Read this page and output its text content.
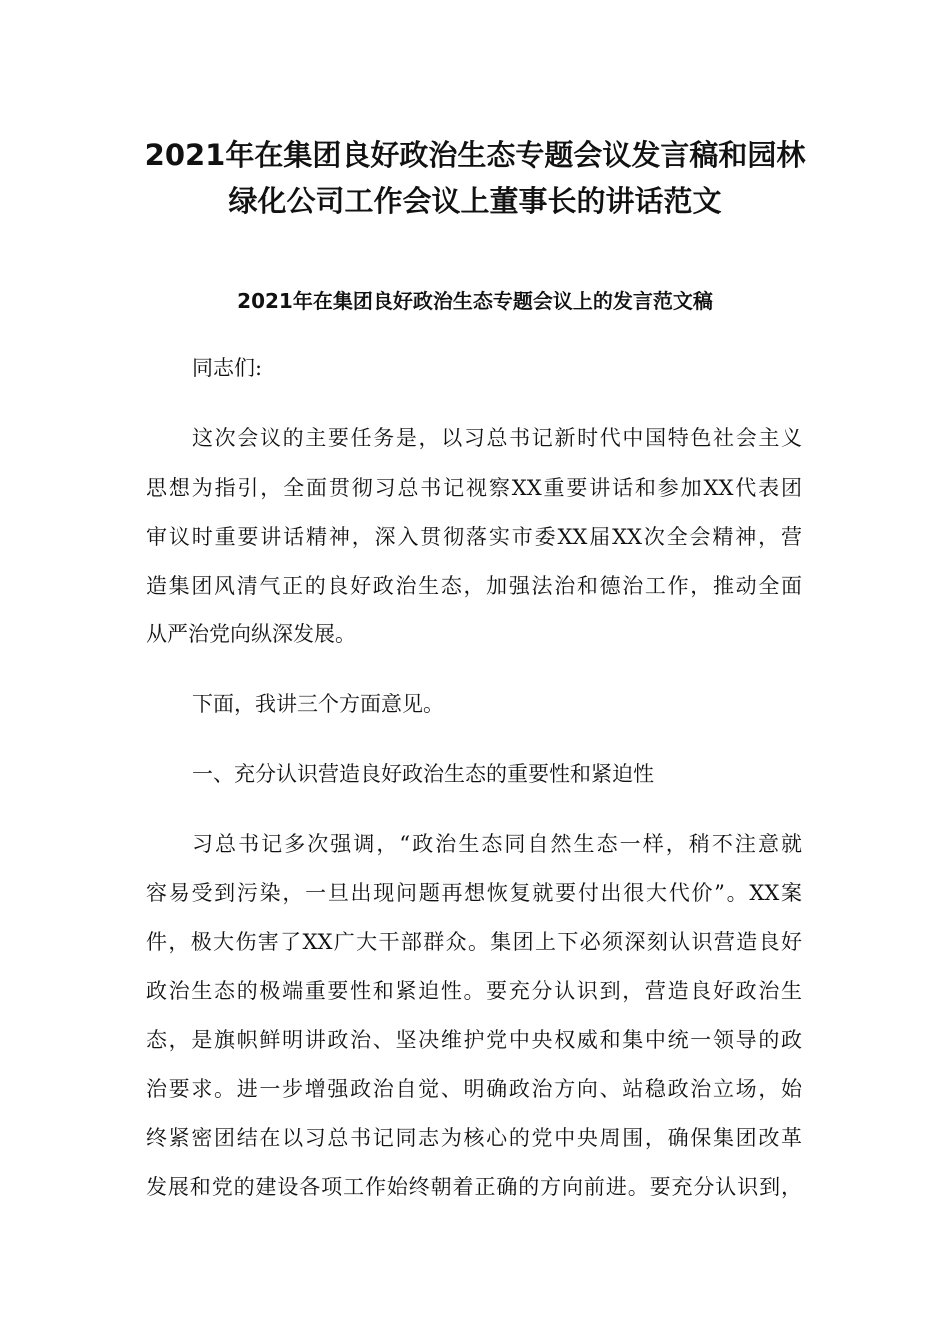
2021年在集团良好政治生态专题会议发言稿和园林
绿化公司工作会议上董事长的讲话范文
2021年在集团良好政治生态专题会议上的发言范文稿

同志们:

这次会议的主要任务是，以习总书记新时代中国特色社会主义

思想为指引，全面贯彻习总书记视察XX重要讲话和参加XX代表团

审议时重要讲话精神，深入贯彻落实市委XX届XX次全会精神，营

造集团风清气正的良好政治生态，加强法治和德治工作，推动全面

从严治党向纵深发展。

下面，我讲三个方面意见。

一、充分认识营造良好政治生态的重要性和紧迫性

习总书记多次强调，“政治生态同自然生态一样，稍不注意就

容易受到污染，一旦出现问题再想恢复就要付出很大代价”。XX案

件，极大伤害了XX广大干部群众。集团上下必须深刻认识营造良好

政治生态的极端重要性和紧迫性。要充分认识到，营造良好政治生

态，是旗帜鲜明讲政治、坚决维护党中央权威和集中统一领导的政

治要求。进一步增强政治自觉、明确政治方向、站稳政治立场，始

终紧密团结在以习总书记同志为核心的党中央周围，确保集团改革

发展和党的建设各项工作始终朝着正确的方向前进。要充分认识到，
